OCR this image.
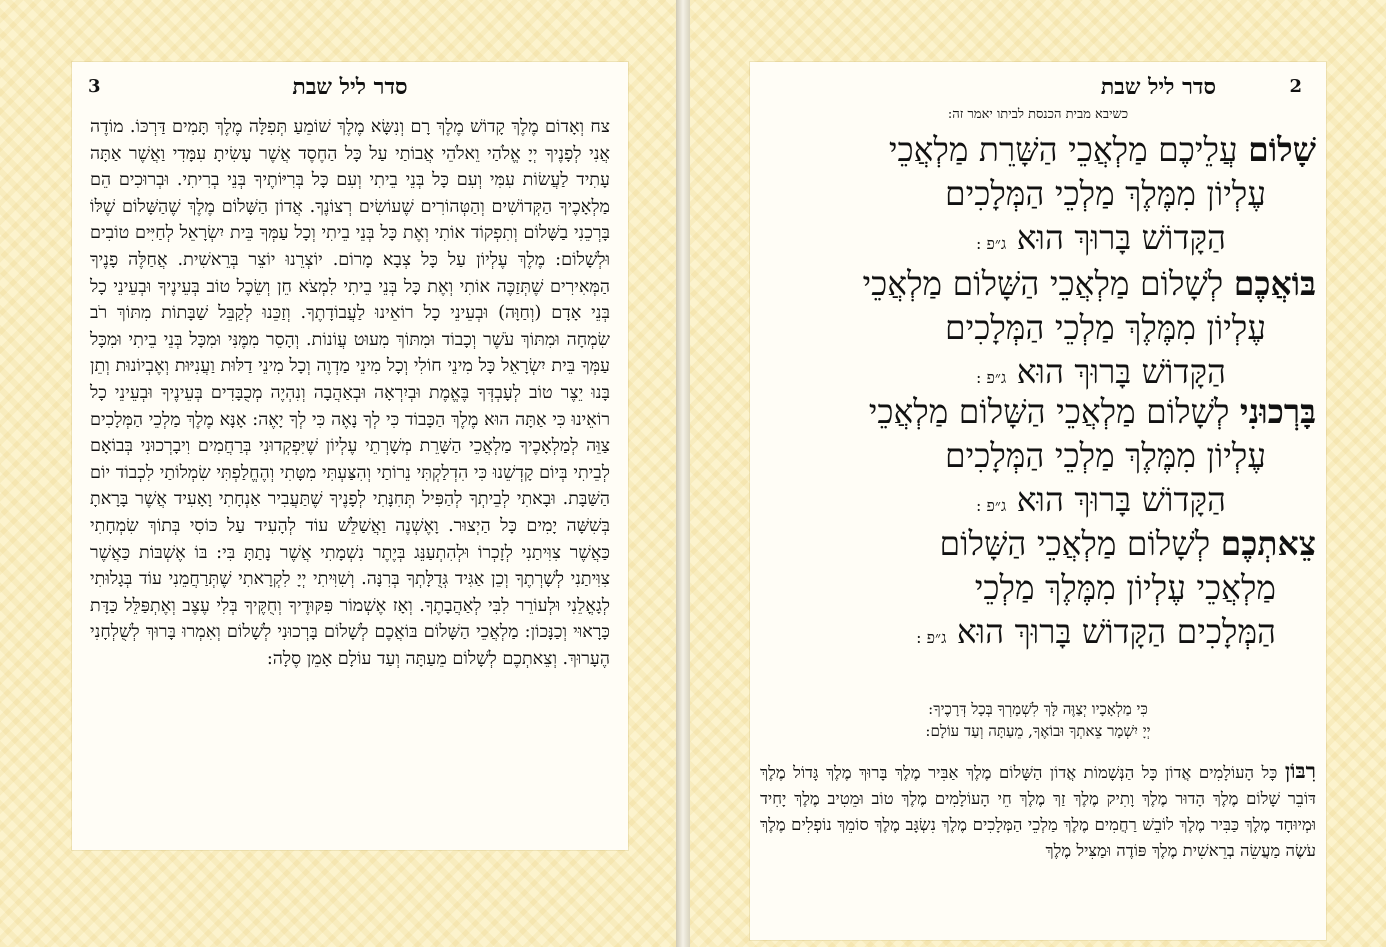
סדר ליל שבת
3

צח וְאָדוֹם מֶלֶךְ קָדוֹשׁ מֶלֶךְ רָם וְנִשָּׂא מֶלֶךְ שׁוֹמֵעַ תְּפִלָּה מֶלֶךְ תָּמִים דַּרְכּוֹ. מוֹדֶה אֲנִי לְפָנֶיךָ יְיָ אֱלֹהַי וֵאלֹהֵי אֲבוֹתַי עַל כָּל הַחֶסֶד אֲשֶׁר עָשִׂיתָ עִמָּדִי וַאֲשֶׁר אַתָּה עָתִיד לַעֲשׂוֹת עִמִּי וְעִם כָּל בְּנֵי בֵיתִי וְעִם כָּל בְּרִיּוֹתֶיךָ בְּנֵי בְרִיתִי. וּבְרוּכִים הֵם מַלְאָכֶיךָ הַקְּדוֹשִׁים וְהַטְּהוֹרִים שֶׁעוֹשִׂים רְצוֹנֶךָ. אֲדוֹן הַשָּׁלוֹם מֶלֶךְ שֶׁהַשָּׁלוֹם שֶׁלּוֹ בָּרְכֵנִי בַשָּׁלוֹם וְתִפְקוֹד אוֹתִי וְאֶת כָּל בְּנֵי בֵיתִי וְכָל עַמְּךָ בֵּית יִשְׂרָאֵל לְחַיִּים טוֹבִים וּלְשָׁלוֹם: מֶלֶךְ עֶלְיוֹן עַל כָּל צְבָא מָרוֹם. יוֹצְרֵנוּ יוֹצֵר בְּרֵאשִׁית. אֲחַלֶּה פָנֶיךָ הַמְּאִירִים שֶׁתְּזַכֶּה אוֹתִי וְאֶת כָּל בְּנֵי בֵיתִי לִמְצֹא חֵן וְשֵׂכֶל טוֹב בְּעֵינֶיךָ וּבְעֵינֵי כָל בְּנֵי אָדָם (וְחַוָּה) וּבְעֵינֵי כָל רוֹאֵינוּ לַעֲבוֹדָתֶךָ. וְזַכֵּנוּ לְקַבֵּל שַׁבָּתוֹת מִתּוֹךְ רֹב שִׂמְחָה וּמִתּוֹךְ עֹשֶׁר וְכָבוֹד וּמִתּוֹךְ מִעוּט עֲוֹנוֹת. וְהָסֵר מִמֶּנִּי וּמִכָּל בְּנֵי בֵיתִי וּמִכָּל עַמְּךָ בֵּית יִשְׂרָאֵל כָּל מִינֵי חוֹלִי וְכָל מִינֵי מַדְוֶה וְכָל מִינֵי דַלּוּת וַעֲנִיּוּת וְאֶבְיוֹנוּת וְתֵן בָּנוּ יֵצֶר טוֹב לְעָבְדְּךָ בֶּאֱמֶת וּבְיִרְאָה וּבְאַהֲבָה וְנִהְיֶה מְכֻבָּדִים בְּעֵינֶיךָ וּבְעֵינֵי כָל רוֹאֵינוּ כִּי אַתָּה הוּא מֶלֶךְ הַכָּבוֹד כִּי לְךָ נָאֶה כִּי לְךָ יָאֶה: אָנָּא מֶלֶךְ מַלְכֵי הַמְּלָכִים צַוֵּה לְמַלְאָכֶיךָ מַלְאֲכֵי הַשָּׁרֵת מְשָׁרְתֵי עֶלְיוֹן שֶׁיִּפְקְדוּנִי בְּרַחֲמִים וִיבָרְכוּנִי בְּבוֹאָם לְבֵיתִי בְּיוֹם קָדְשֵׁנוּ כִּי הִדְלַקְתִּי נֵרוֹתַי וְהִצַּעְתִּי מִטָּתִי וְהֶחֱלַפְתִּי שִׂמְלוֹתַי לִכְבוֹד יוֹם הַשַּׁבָּת. וּבָאתִי לְבֵיתְךָ לְהַפִּיל תְּחִנָּתִי לְפָנֶיךָ שֶׁתַּעֲבִיר אַנְחָתִי וָאָעִיד אֲשֶׁר בָּרָאתָ בְּשִׁשָּׁה יָמִים כָּל הַיְצוּר. וָאֶשְׁנֶה וַאֲשַׁלֵּשׁ עוֹד לְהָעִיד עַל כּוֹסִי בְּתוֹךְ שִׂמְחָתִי כַּאֲשֶׁר צִוִּיתַנִי לְזָכְרוֹ וּלְהִתְעַנֵּג בְּיֶתֶר נִשְׁמָתִי אֲשֶׁר נָתַתָּ בִּי: בּוֹ אֶשְׁבּוֹת כַּאֲשֶׁר צִוִּיתַנִי לְשָׁרְתֶךָ וְכֵן אַגִּיד גְּדֻלָּתְךָ בְּרִנָּה. וְשִׁוִּיתִי יְיָ לִקְרָאתִי שֶׁתְּרַחֲמֵנִי עוֹד בְּגָלוּתִי לְגָאֳלֵנִי וּלְעוֹרֵר לִבִּי לְאַהֲבָתֶךָ. וְאָז אֶשְׁמוֹר פִּקּוּדֶיךָ וְחֻקֶּיךָ בְּלִי עֶצֶב וְאֶתְפַּלֵּל כַּדָּת כָּרָאוּי וְכַנָּכוֹן: מַלְאֲכֵי הַשָּׁלוֹם בּוֹאֲכֶם לְשָׁלוֹם בָּרְכוּנִי לְשָׁלוֹם וְאִמְרוּ בָּרוּךְ לְשֻׁלְחָנִי הֶעָרוּךְ. וְצֵאתְכֶם לְשָׁלוֹם מֵעַתָּה וְעַד עוֹלָם אָמֵן סֶלָה:

סדר ליל שבת	2
כשיבא מבית הכנסת לביתו יאמר זה:
שָׁלוֹם עֲלֵיכֶם מַלְאֲכֵי הַשָּׁרֵת מַלְאֲכֵי
עֶלְיוֹן מִמֶּלֶךְ מַלְכֵי הַמְּלָכִים
הַקָּדוֹשׁ בָּרוּךְ הוּא ג״פ :
בּוֹאֲכֶם לְשָׁלוֹם מַלְאֲכֵי הַשָּׁלוֹם מַלְאֲכֵי
עֶלְיוֹן מִמֶּלֶךְ מַלְכֵי הַמְּלָכִים
הַקָּדוֹשׁ בָּרוּךְ הוּא ג״פ :
בָּרְכוּנִי לְשָׁלוֹם מַלְאֲכֵי הַשָּׁלוֹם מַלְאֲכֵי
עֶלְיוֹן מִמֶּלֶךְ מַלְכֵי הַמְּלָכִים
הַקָּדוֹשׁ בָּרוּךְ הוּא ג״פ :
צֵאתְכֶם לְשָׁלוֹם מַלְאֲכֵי הַשָּׁלוֹם
מַלְאֲכֵי עֶלְיוֹן מִמֶּלֶךְ מַלְכֵי
הַמְּלָכִים הַקָּדוֹשׁ בָּרוּךְ הוּא ג״פ :
כִּי מַלְאָכָיו יְצַוֶּה לָּךְ לִשְׁמָרְךָ בְּכָל דְּרָכֶיךָ:
יְיָ יִשְׁמָר צֵאתְךָ וּבוֹאֶךָ, מֵעַתָּה וְעַד עוֹלָם:
רִבּוֹן כָּל הָעוֹלָמִים אֲדוֹן כָּל הַנְּשָׁמוֹת אֲדוֹן הַשָּׁלוֹם מֶלֶךְ אַבִּיר מֶלֶךְ בָּרוּךְ מֶלֶךְ גָּדוֹל מֶלֶךְ דּוֹבֵר שָׁלוֹם מֶלֶךְ הָדוּר מֶלֶךְ וָתִיק מֶלֶךְ זַךְ מֶלֶךְ חֵי הָעוֹלָמִים מֶלֶךְ טוֹב וּמֵטִיב מֶלֶךְ יָחִיד וּמְיוּחָד מֶלֶךְ כַּבִּיר מֶלֶךְ לוֹבֵשׁ רַחֲמִים מֶלֶךְ מַלְכֵי הַמְּלָכִים מֶלֶךְ נִשְׂגָּב מֶלֶךְ סוֹמֵךְ נוֹפְלִים מֶלֶךְ עֹשֶׂה מַעֲשֵׂה בְרֵאשִׁית מֶלֶךְ פּוֹדֶה וּמַצִּיל מֶלֶךְ
